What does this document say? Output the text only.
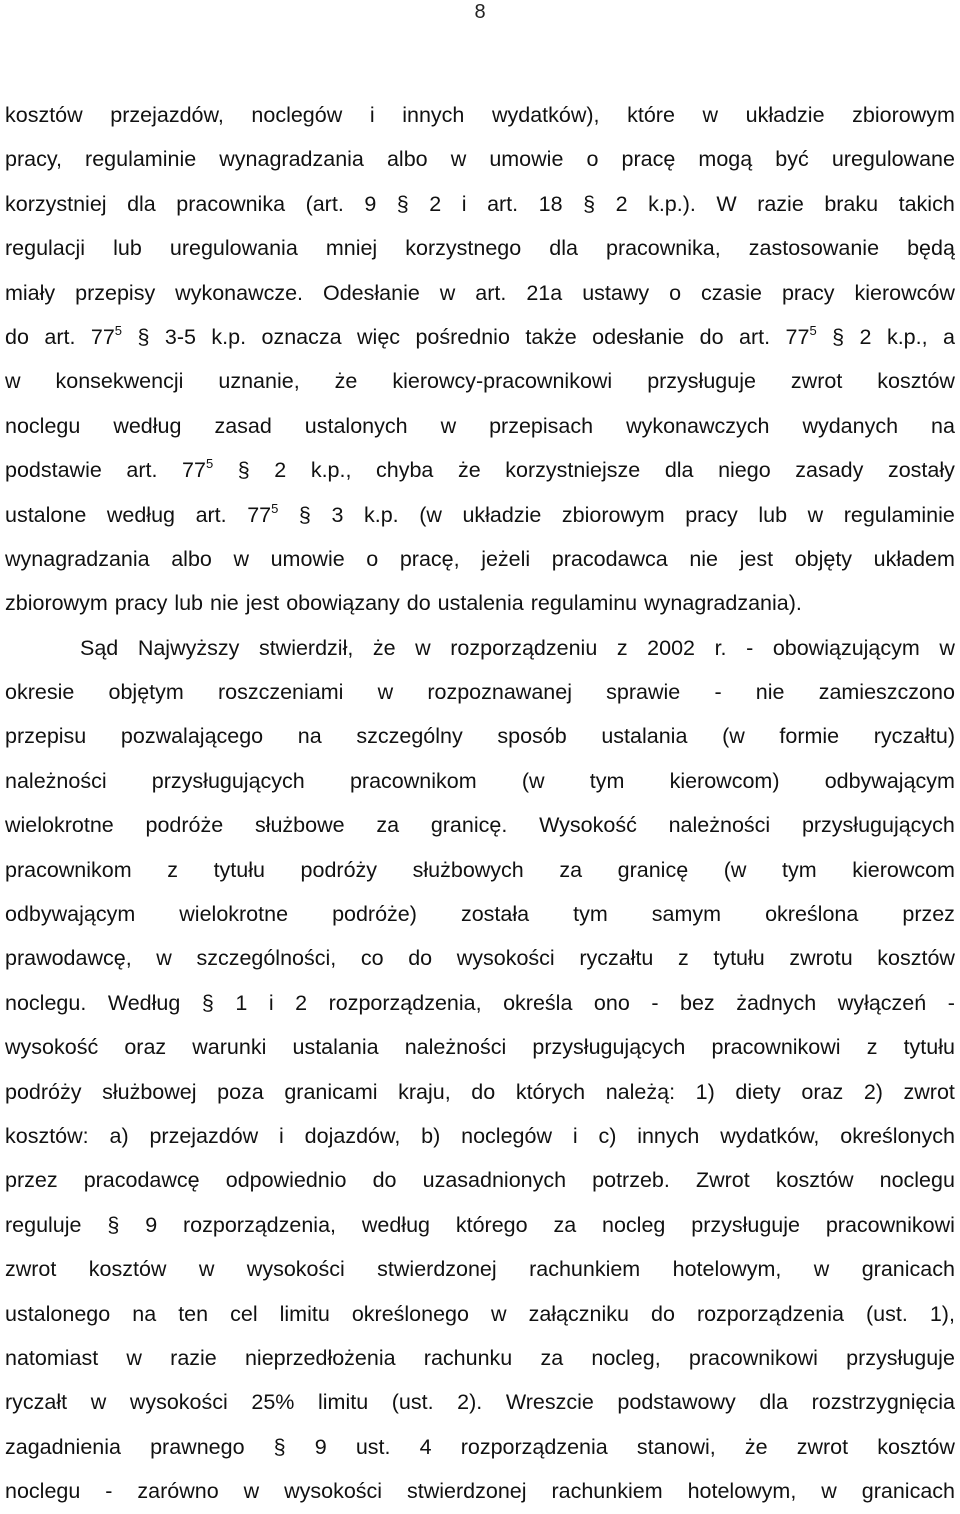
8
kosztów przejazdów, noclegów i innych wydatków), które w układzie zbiorowym
pracy, regulaminie wynagradzania albo w umowie o pracę mogą być uregulowane
korzystniej dla pracownika (art. 9 § 2 i art. 18 § 2 k.p.). W razie braku takich
regulacji lub uregulowania mniej korzystnego dla pracownika, zastosowanie będą
miały przepisy wykonawcze. Odesłanie w art. 21a ustawy o czasie pracy kierowców
do art. $77^5$ § 3-5 k.p. oznacza więc pośrednio także odesłanie do art. $77^5$ § 2 k.p., a
w konsekwencji uznanie, że kierowcy-pracownikowi przysługuje zwrot kosztów
noclegu według zasad ustalonych w przepisach wykonawczych wydanych na
podstawie art. $77^5$ § 2 k.p., chyba że korzystniejsze dla niego zasady zostały
ustalone według art. $77^5$ § 3 k.p. (w układzie zbiorowym pracy lub w regulaminie
wynagradzania albo w umowie o pracę, jeżeli pracodawca nie jest objęty układem
zbiorowym pracy lub nie jest obowiązany do ustalenia regulaminu wynagradzania).
Sąd Najwyższy stwierdził, że w rozporządzeniu z 2002 r. - obowiązującym w
okresie objętym roszczeniami w rozpoznawanej sprawie - nie zamieszczono
przepisu pozwalającego na szczególny sposób ustalania (w formie ryczałtu)
należności przysługujących pracownikom (w tym kierowcom) odbywającym
wielokrotne podróże służbowe za granicę. Wysokość należności przysługujących
pracownikom z tytułu podróży służbowych za granicę (w tym kierowcom
odbywającym wielokrotne podróże) została tym samym określona przez
prawodawcę, w szczególności, co do wysokości ryczałtu z tytułu zwrotu kosztów
noclegu. Według § 1 i 2 rozporządzenia, określa ono - bez żadnych wyłączeń -
wysokość oraz warunki ustalania należności przysługujących pracownikowi z tytułu
podróży służbowej poza granicami kraju, do których należą: 1) diety oraz 2) zwrot
kosztów: a) przejazdów i dojazdów, b) noclegów i c) innych wydatków, określonych
przez pracodawcę odpowiednio do uzasadnionych potrzeb. Zwrot kosztów noclegu
reguluje § 9 rozporządzenia, według którego za nocleg przysługuje pracownikowi
zwrot kosztów w wysokości stwierdzonej rachunkiem hotelowym, w granicach
ustalonego na ten cel limitu określonego w załączniku do rozporządzenia (ust. 1),
natomiast w razie nieprzedłożenia rachunku za nocleg, pracownikowi przysługuje
ryczałt w wysokości 25% limitu (ust. 2). Wreszcie podstawowy dla rozstrzygnięcia
zagadnienia prawnego § 9 ust. 4 rozporządzenia stanowi, że zwrot kosztów
noclegu - zarówno w wysokości stwierdzonej rachunkiem hotelowym, w granicach
